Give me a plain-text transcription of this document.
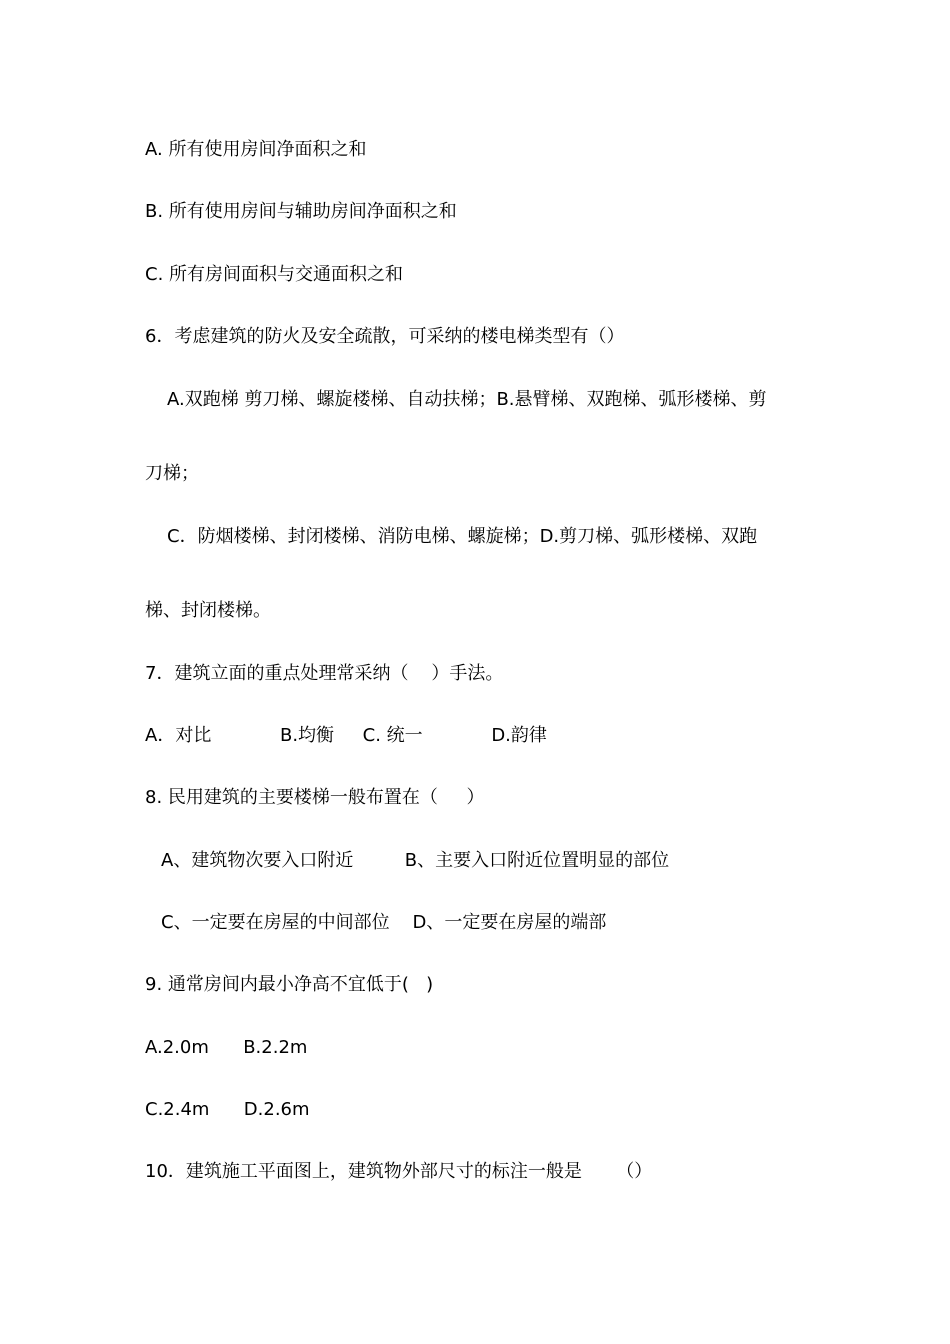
A. 所有使用房间净面积之和
B. 所有使用房间与辅助房间净面积之和
C. 所有房间面积与交通面积之和
6．考虑建筑的防火及安全疏散，可采纳的楼电梯类型有（）
A.双跑梯 剪刀梯、螺旋楼梯、自动扶梯；B.悬臂梯、双跑梯、弧形楼梯、剪
刀梯；
C．防烟楼梯、封闭楼梯、消防电梯、螺旋梯；D.剪刀梯、弧形楼梯、双跑
梯、封闭楼梯。
7．建筑立面的重点处理常采纳（    ）手法。
A．对比            B.均衡     C. 统一            D.韵律
8. 民用建筑的主要楼梯一般布置在（     ）
A、建筑物次要入口附近         B、主要入口附近位置明显的部位
C、一定要在房屋的中间部位    D、一定要在房屋的端部
9. 通常房间内最小净高不宜低于(   )
A.2.0m      B.2.2m
C.2.4m      D.2.6m
10．建筑施工平面图上，建筑物外部尺寸的标注一般是      （）
